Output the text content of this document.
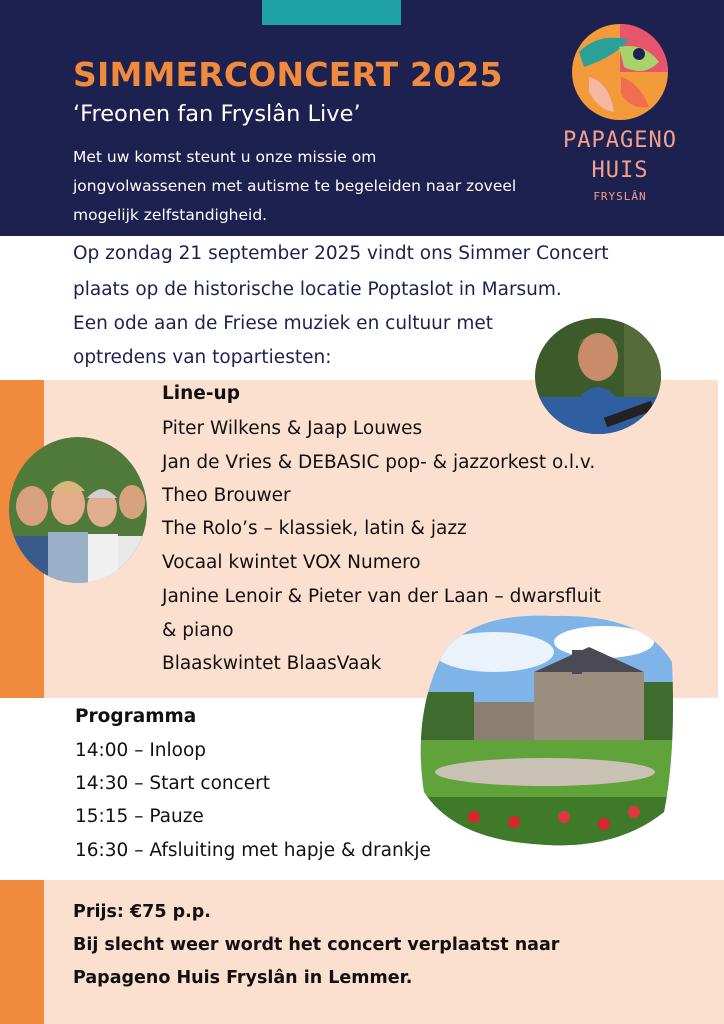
SIMMERCONCERT 2025
‘Freonen fan Fryslân Live’
Met uw komst steunt u onze missie om
jongvolwassenen met autisme te begeleiden naar zoveel
mogelijk zelfstandigheid.
PAPAGENO
HUIS
FRYSLÂN
Op zondag 21 september 2025 vindt ons Simmer Concert
plaats op de historische locatie Poptaslot in Marsum.
Een ode aan de Friese muziek en cultuur met
optredens van topartiesten:
Line-up
Piter Wilkens & Jaap Louwes
Jan de Vries & DEBASIC pop- & jazzorkest o.l.v.
Theo Brouwer
The Rolo’s – klassiek, latin & jazz
Vocaal kwintet VOX Numero
Janine Lenoir & Pieter van der Laan – dwarsfluit
& piano
Blaaskwintet BlaasVaak
Programma
14:00 – Inloop
14:30 – Start concert
15:15 – Pauze
16:30 – Afsluiting met hapje & drankje
Prijs: €75 p.p.
Bij slecht weer wordt het concert verplaatst naar
Papageno Huis Fryslân in Lemmer.
